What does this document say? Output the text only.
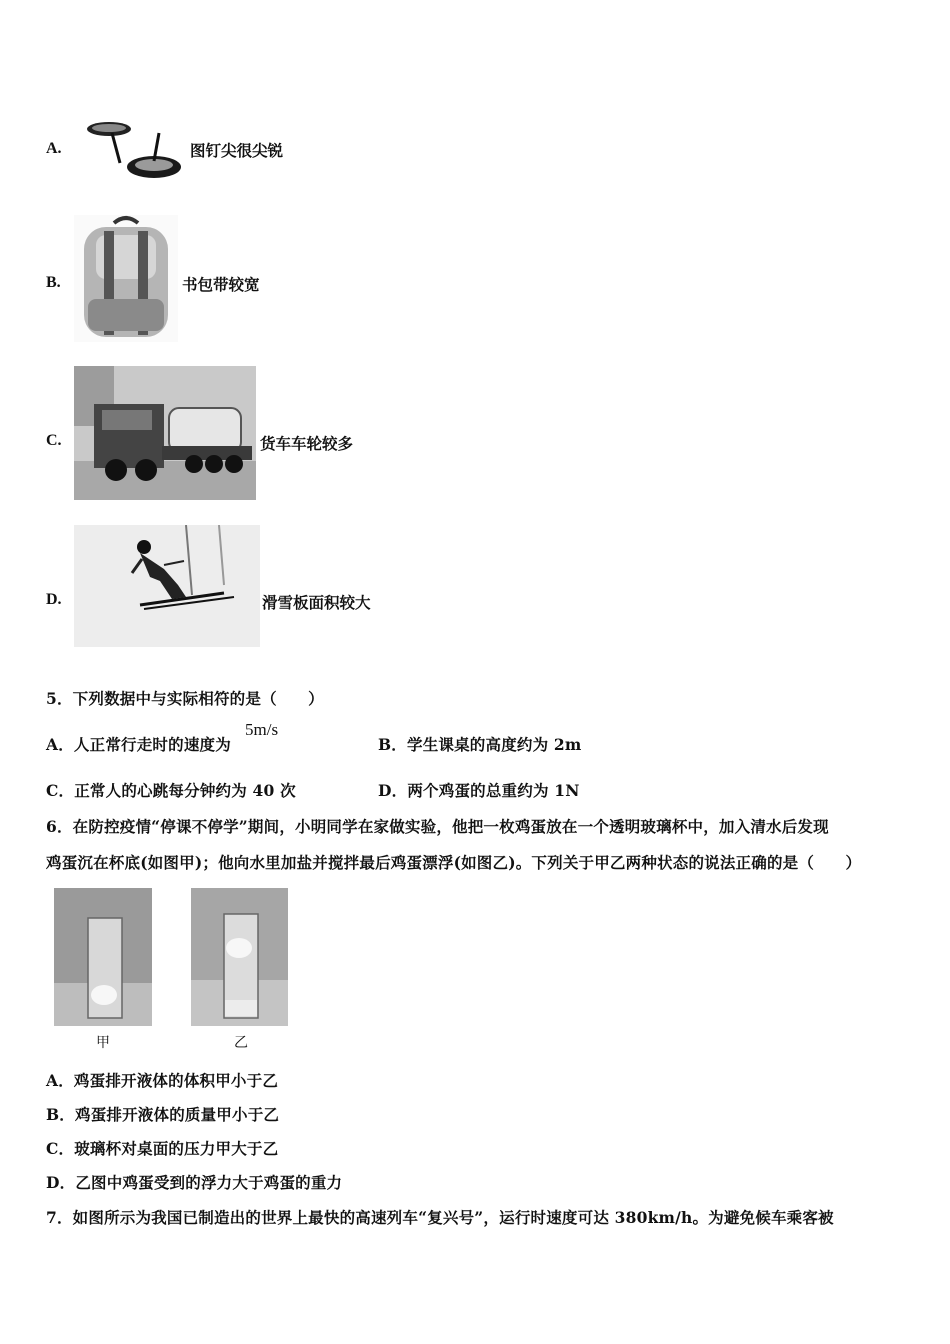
A.	图钉尖很尖锐
B.	书包带较宽
C.	货车车轮较多
D.	滑雪板面积较大
5．下列数据中与实际相符的是（　　）
A．人正常行走时的速度为
5m/s
B．学生课桌的高度约为 2m
C．正常人的心跳每分钟约为 40 次	D．两个鸡蛋的总重约为 1N
6．在防控疫情“停课不停学”期间，小明同学在家做实验，他把一枚鸡蛋放在一个透明玻璃杯中，加入清水后发现
鸡蛋沉在杯底(如图甲)；他向水里加盐并搅拌最后鸡蛋漂浮(如图乙)。下列关于甲乙两种状态的说法正确的是（　　）
甲	乙
A．鸡蛋排开液体的体积甲小于乙
B．鸡蛋排开液体的质量甲小于乙
C．玻璃杯对桌面的压力甲大于乙
D．乙图中鸡蛋受到的浮力大于鸡蛋的重力
7．如图所示为我国已制造出的世界上最快的高速列车“复兴号”，运行时速度可达 380km/h。为避免候车乘客被
